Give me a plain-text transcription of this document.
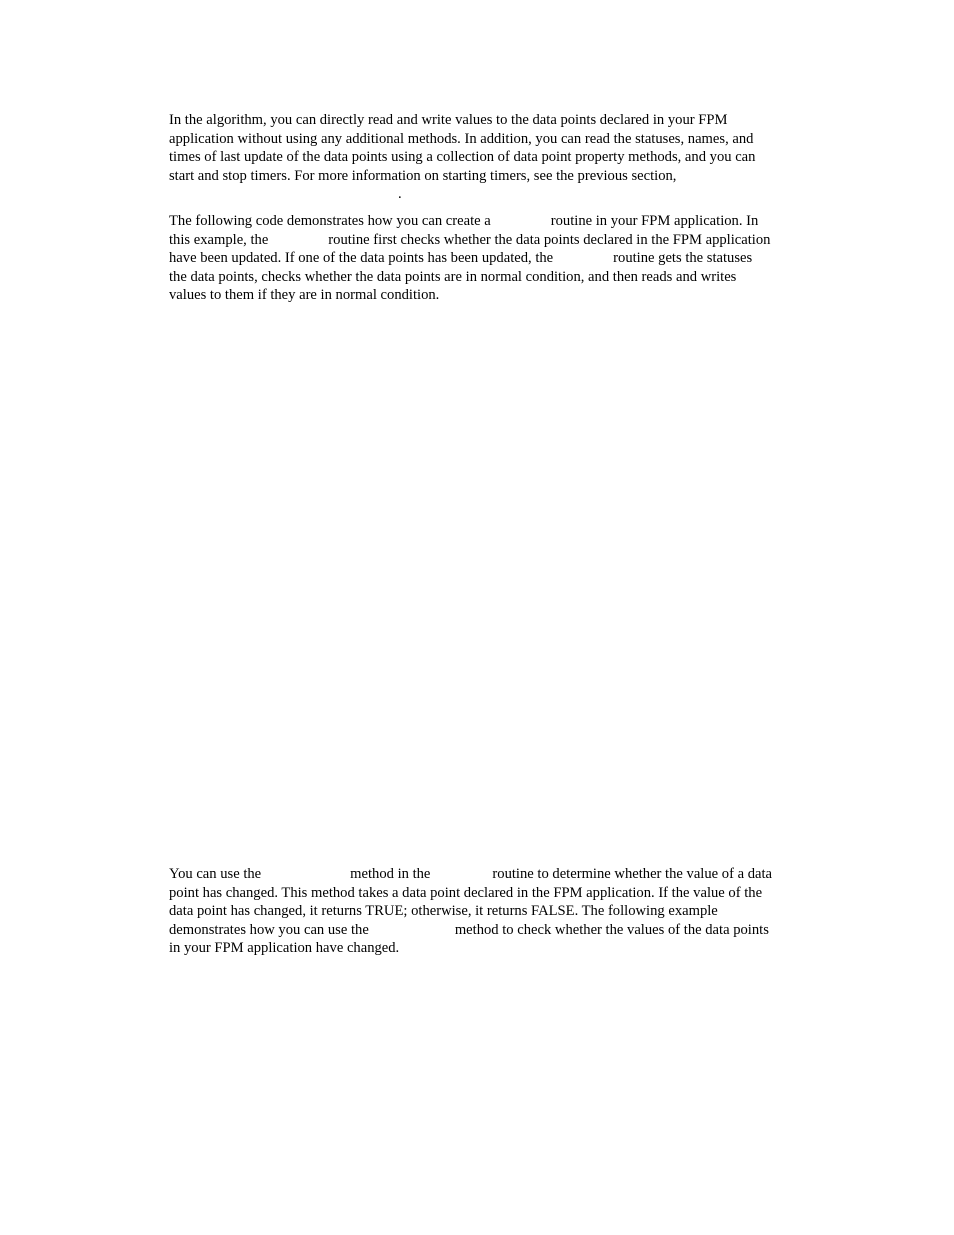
In the algorithm, you can directly read and write values to the data points declared in your FPM
application without using any additional methods. In addition, you can read the statuses, names, and
times of last update of the data points using a collection of data point property methods, and you can
start and stop timers. For more information on starting timers, see the previous section,
.
The following code demonstrates how you can create a	routine in your FPM application. In
this example, the	routine first checks whether the data points declared in the FPM application
have been updated. If one of the data points has been updated, the	routine gets the statuses
the data points, checks whether the data points are in normal condition, and then reads and writes
values to them if they are in normal condition.
You can use the	method in the	routine to determine whether the value of a data
point has changed. This method takes a data point declared in the FPM application. If the value of the
data point has changed, it returns TRUE; otherwise, it returns FALSE. The following example
demonstrates how you can use the	method to check whether the values of the data points
in your FPM application have changed.
